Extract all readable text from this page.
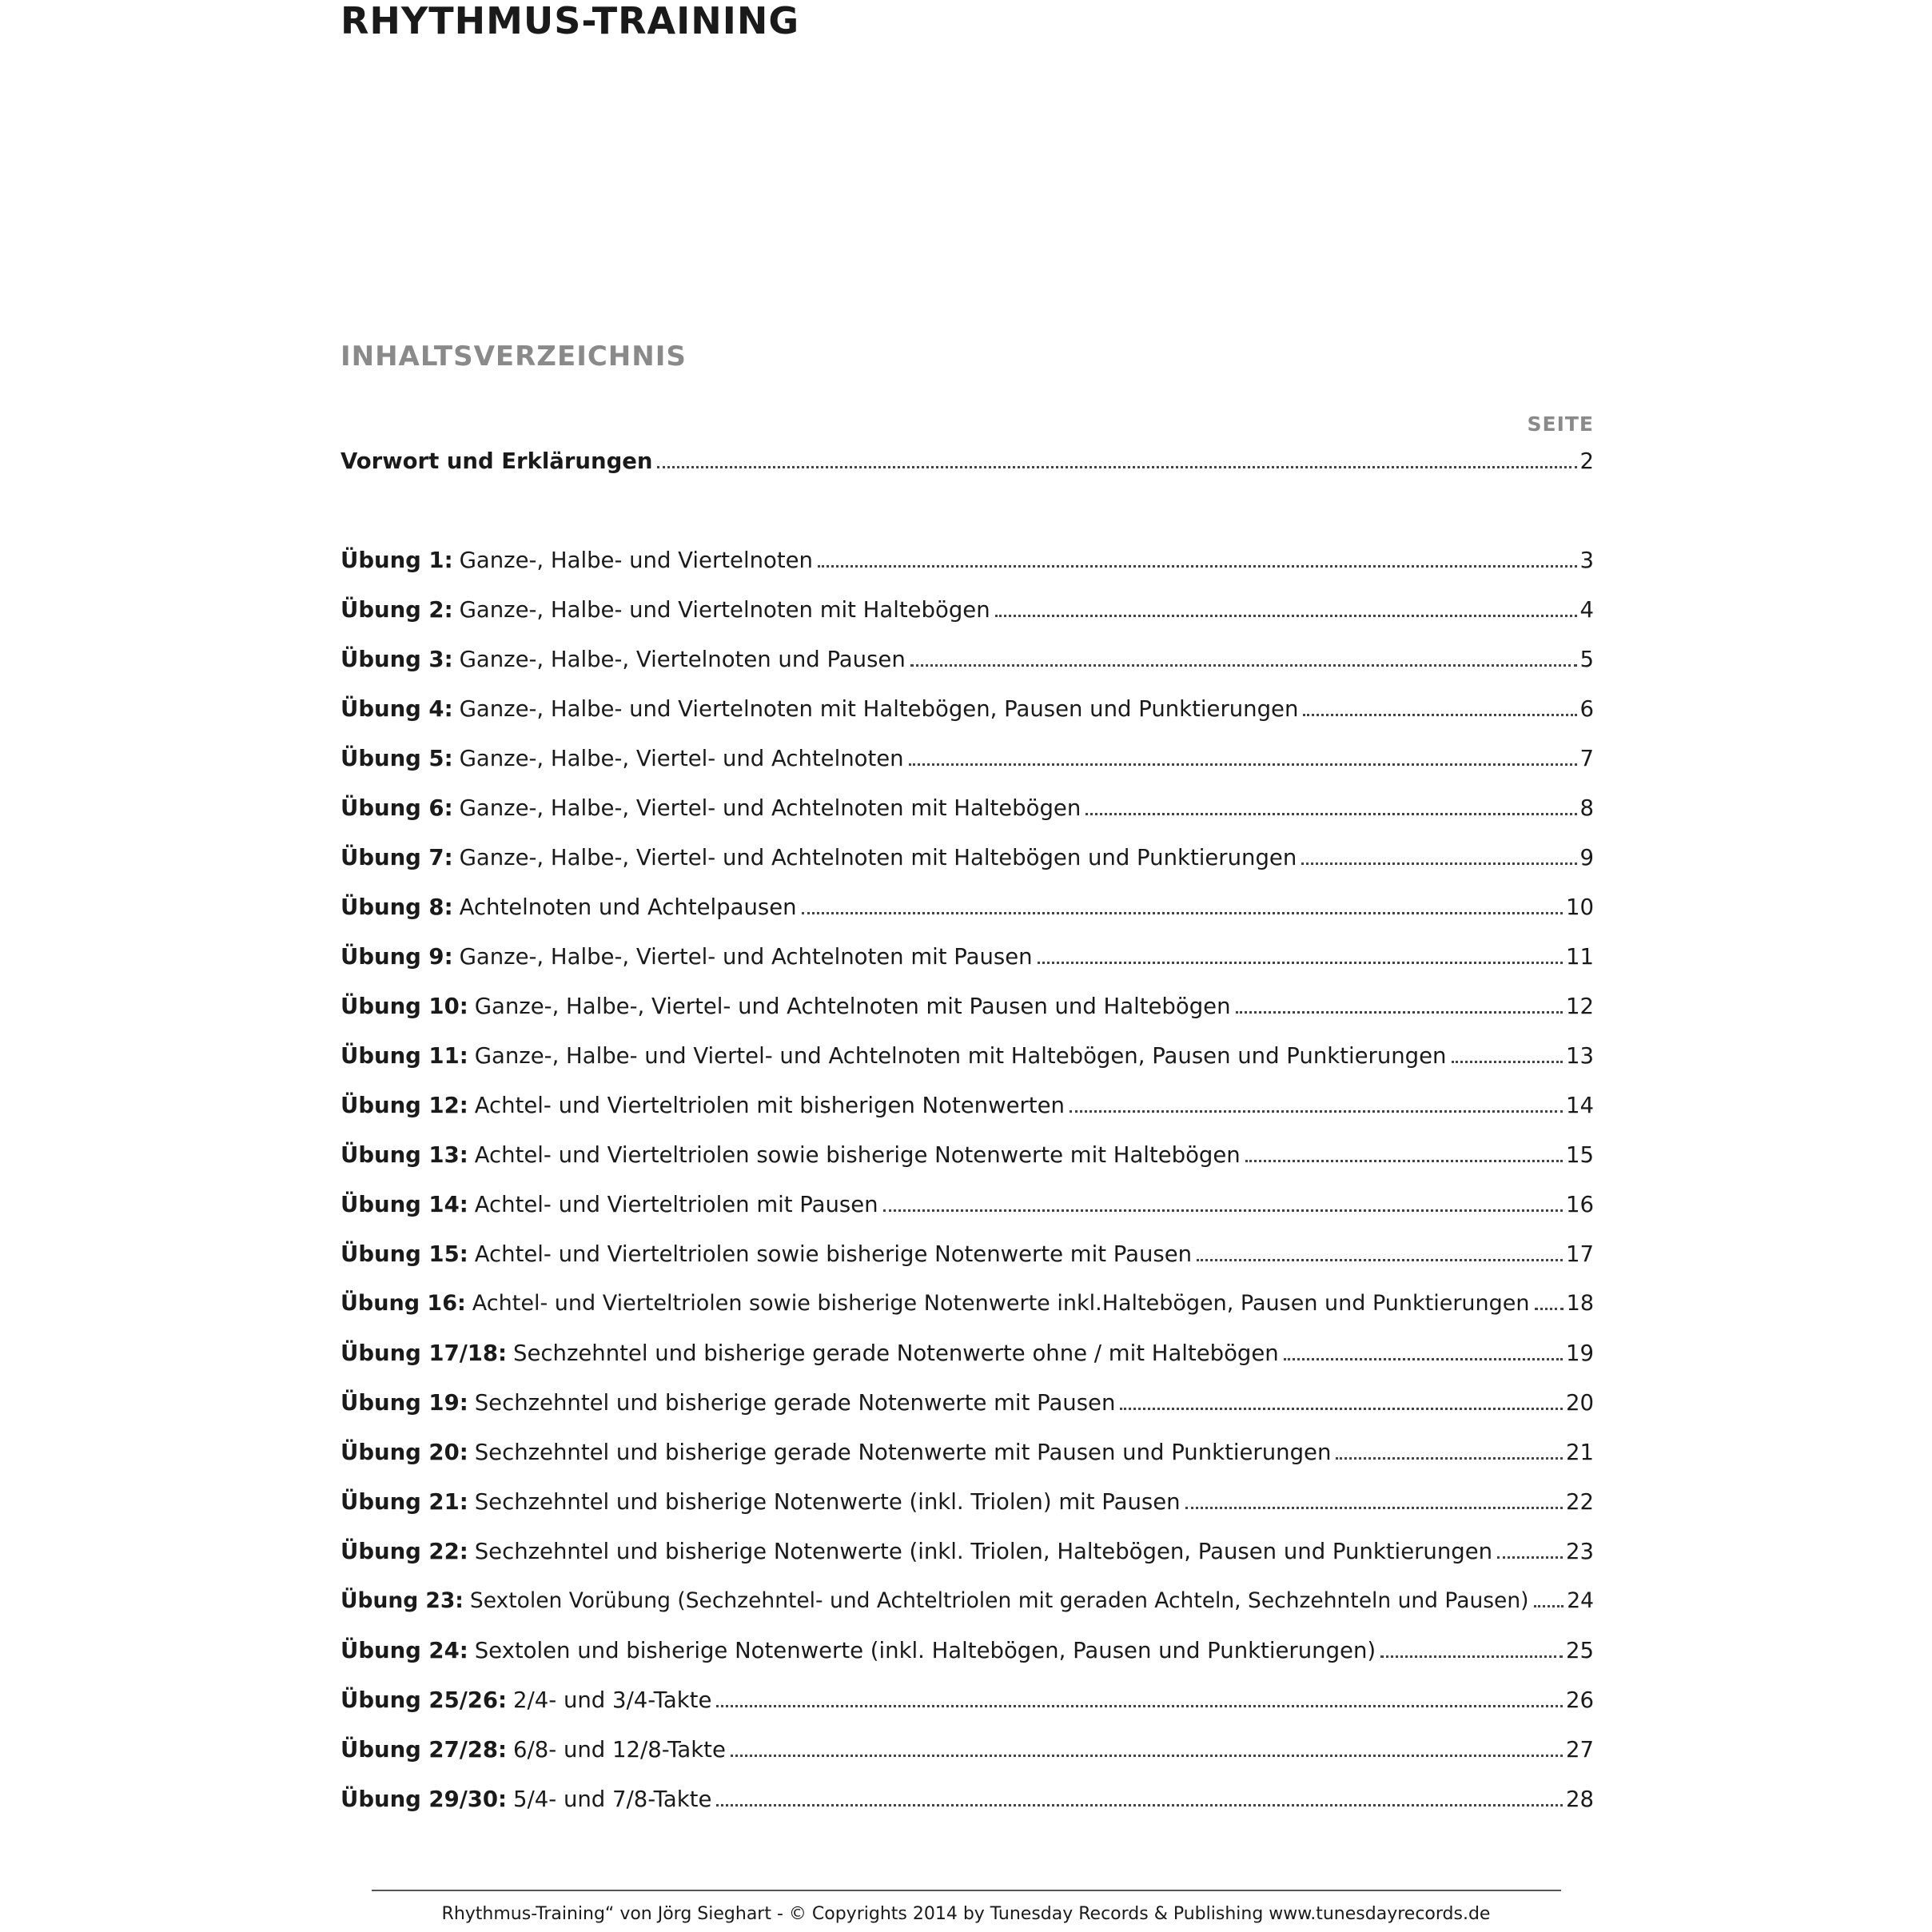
RHYTHMUS-TRAINING
INHALTSVERZEICHNIS
SEITE
Vorwort und Erklärungen	2
Übung 1: Ganze-, Halbe- und Viertelnoten	3
Übung 2: Ganze-, Halbe- und Viertelnoten mit Haltebögen	4
Übung 3: Ganze-, Halbe-, Viertelnoten und Pausen	5
Übung 4: Ganze-, Halbe- und Viertelnoten mit Haltebögen, Pausen und Punktierungen	6
Übung 5: Ganze-, Halbe-, Viertel- und Achtelnoten	7
Übung 6: Ganze-, Halbe-, Viertel- und Achtelnoten mit Haltebögen	8
Übung 7: Ganze-, Halbe-, Viertel- und Achtelnoten mit Haltebögen und Punktierungen	9
Übung 8: Achtelnoten und Achtelpausen	10
Übung 9: Ganze-, Halbe-, Viertel- und Achtelnoten mit Pausen	11
Übung 10: Ganze-, Halbe-, Viertel- und Achtelnoten mit Pausen und Haltebögen	12
Übung 11: Ganze-, Halbe- und Viertel- und Achtelnoten mit Haltebögen, Pausen und Punktierungen	13
Übung 12: Achtel- und Vierteltriolen mit bisherigen Notenwerten	14
Übung 13: Achtel- und Vierteltriolen sowie bisherige Notenwerte mit Haltebögen	15
Übung 14: Achtel- und Vierteltriolen mit Pausen	16
Übung 15: Achtel- und Vierteltriolen sowie bisherige Notenwerte mit Pausen	17
Übung 16: Achtel- und Vierteltriolen sowie bisherige Notenwerte inkl.Haltebögen, Pausen und Punktierungen 18
Übung 17/18: Sechzehntel und bisherige gerade Notenwerte ohne / mit Haltebögen	19
Übung 19: Sechzehntel und bisherige gerade Notenwerte mit Pausen	20
Übung 20: Sechzehntel und bisherige gerade Notenwerte mit Pausen und Punktierungen	21
Übung 21: Sechzehntel und bisherige Notenwerte (inkl. Triolen) mit Pausen	22
Übung 22: Sechzehntel und bisherige Notenwerte (inkl. Triolen, Haltebögen, Pausen und Punktierungen	23
Übung 23: Sextolen Vorübung (Sechzehntel- und Achteltriolen mit geraden Achteln, Sechzehnteln und Pausen) 24
Übung 24: Sextolen und bisherige Notenwerte (inkl. Haltebögen, Pausen und Punktierungen)	25
Übung 25/26: 2/4- und 3/4-Takte	26
Übung 27/28: 6/8- und 12/8-Takte	27
Übung 29/30: 5/4- und 7/8-Takte	28
Rhythmus-Training“ von Jörg Sieghart - © Copyrights 2014 by Tunesday Records & Publishing www.tunesdayrecords.de
